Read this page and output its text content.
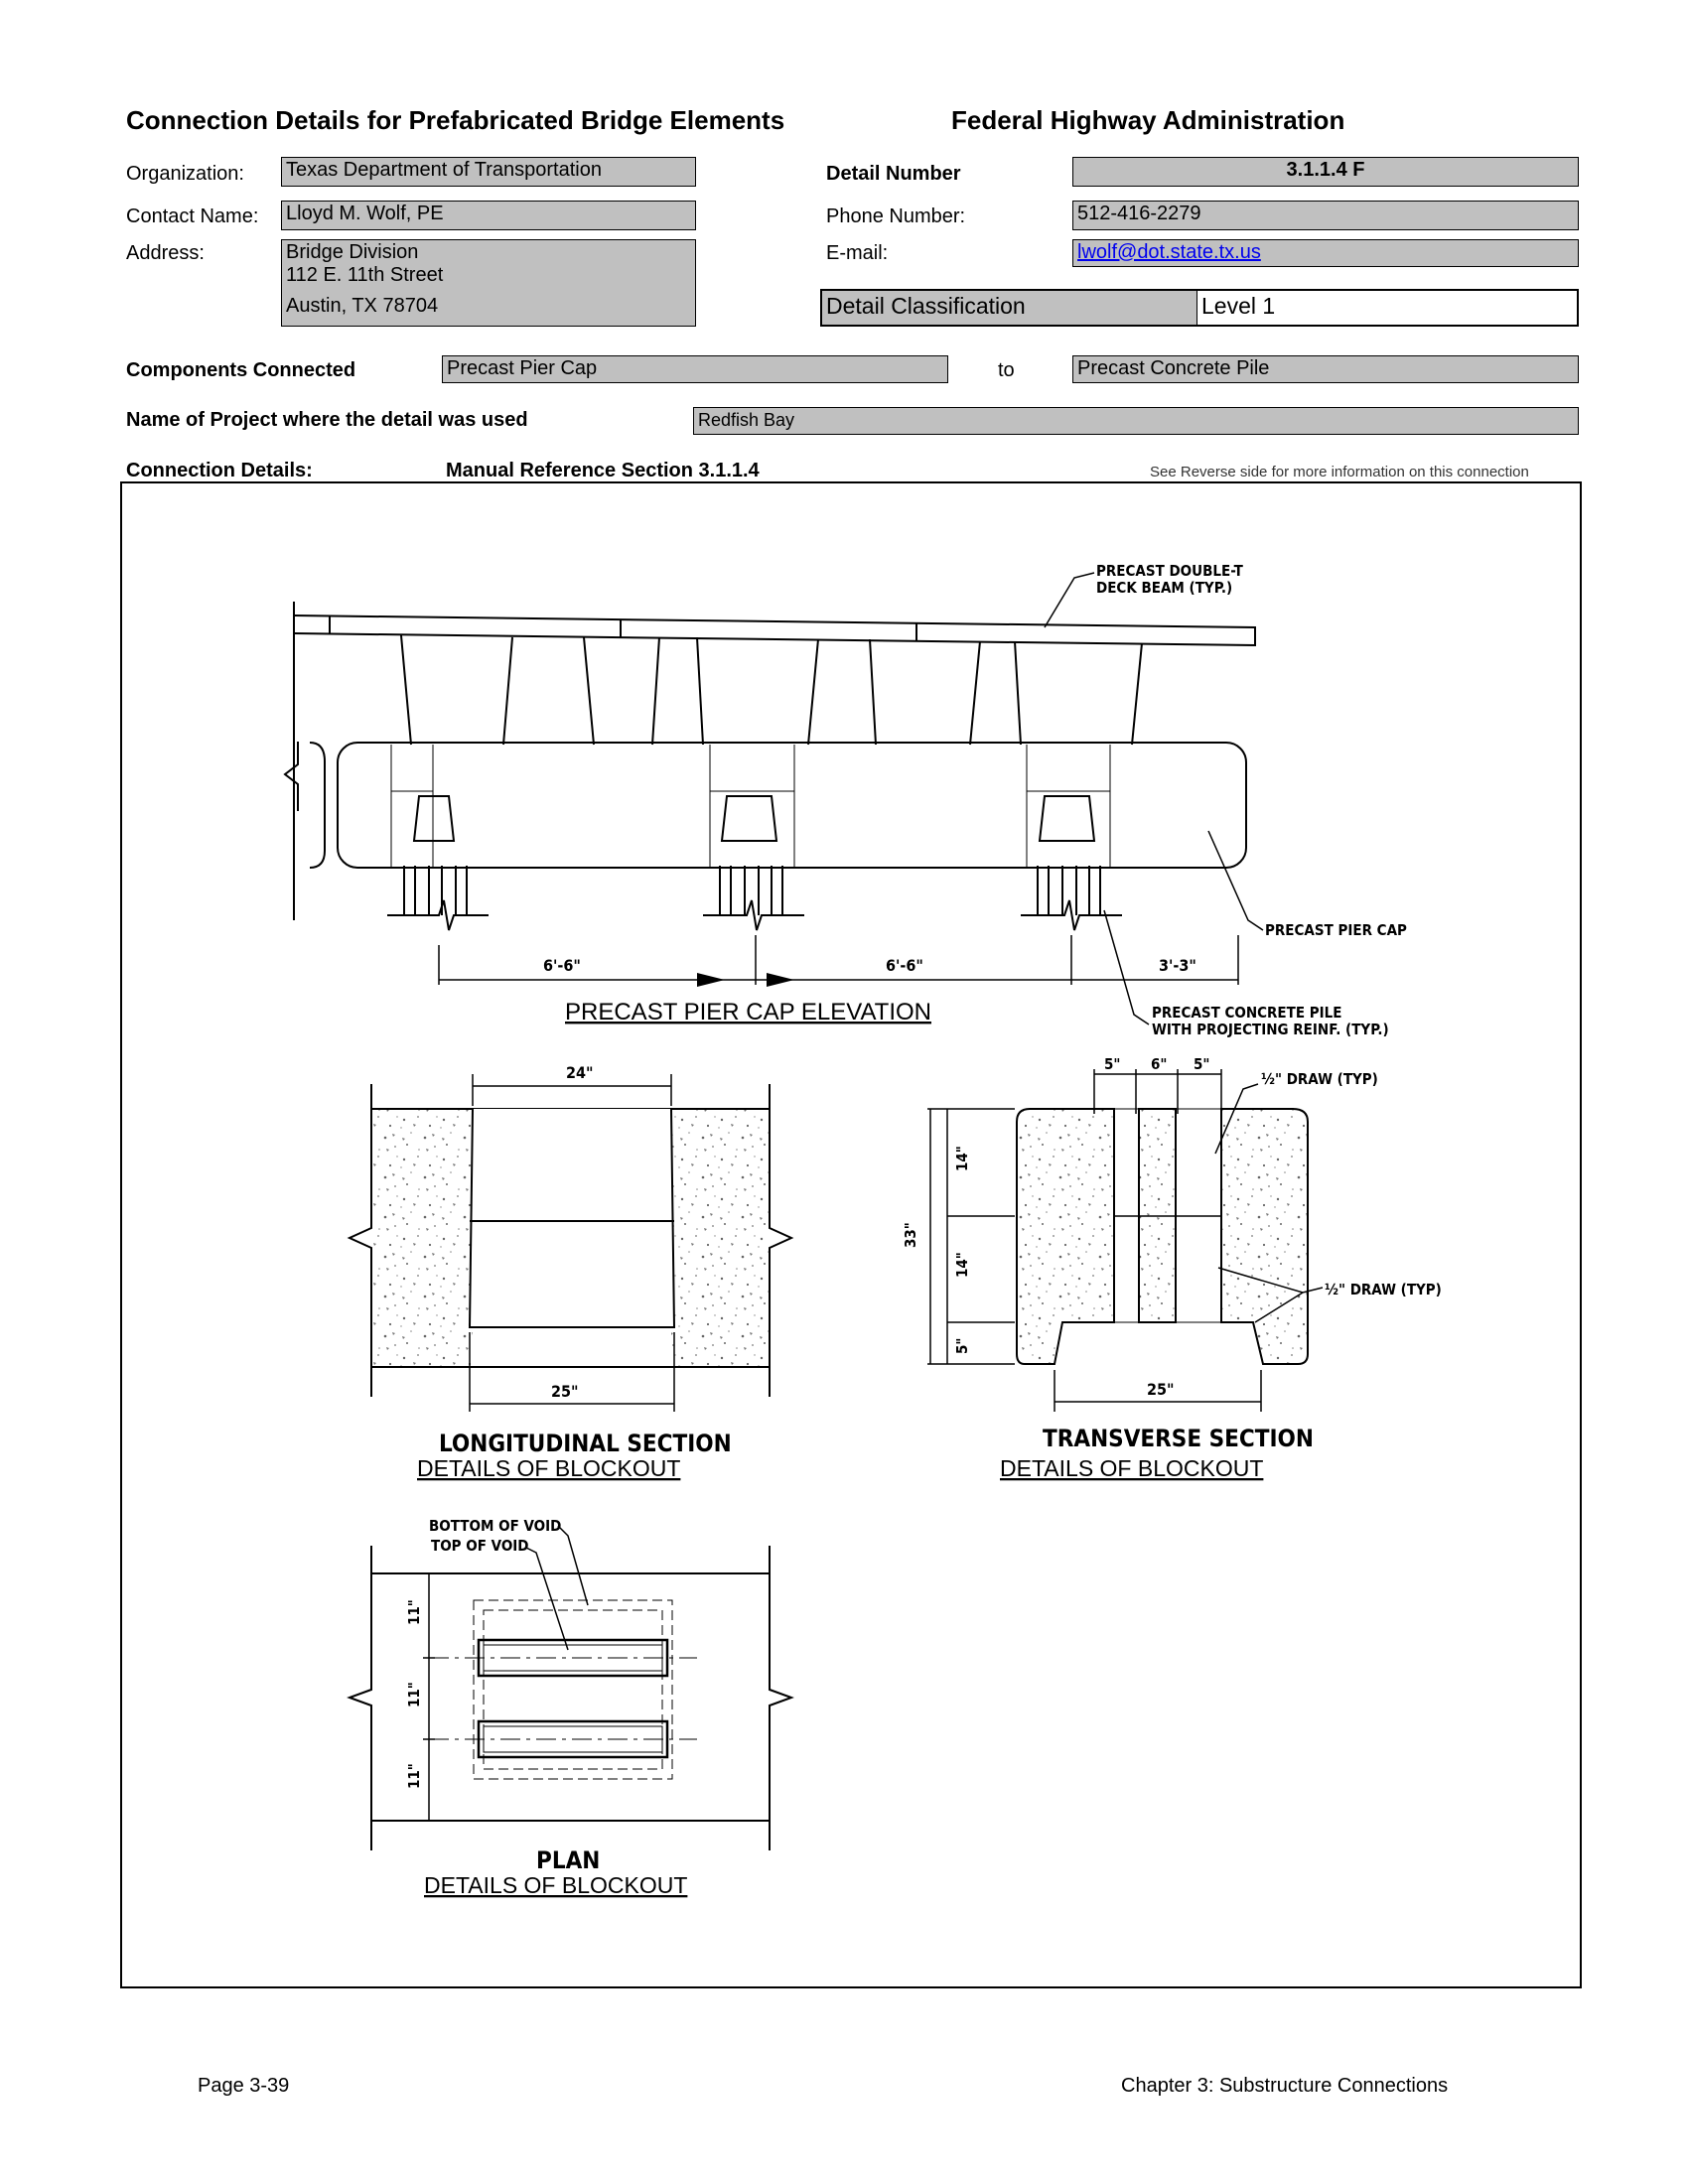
Connection Details for Prefabricated Bridge Elements	Federal Highway Administration
Organization: Texas Department of Transportation
Contact Name: Lloyd M. Wolf, PE
Address:	Bridge Division
112 E. 11th Street
Austin, TX 78704
Detail Number	3.1.1.4 F
Phone Number:	512-416-2279
E-mail:	lwolf@dot.state.tx.us
Detail Classification	Level 1
Components Connected	Precast Pier Cap	to	Precast Concrete Pile
Name of Project where the detail was used	Redfish Bay
Connection Details:	Manual Reference Section 3.1.1.4	See Reverse side for more information on this connection
PRECAST DOUBLE-T
DECK BEAM (TYP.)
PRECAST PIER CAP
PRECAST CONCRETE PILE
WITH PROJECTING REINF. (TYP.)
6'-6"	6'-6"	3'-3"
PRECAST PIER CAP ELEVATION
24"
25"
LONGITUDINAL SECTION
DETAILS OF BLOCKOUT
5" 6" 5"
½" DRAW (TYP)
½" DRAW (TYP)
33"
14"
14"
5"
25"
TRANSVERSE SECTION
DETAILS OF BLOCKOUT
BOTTOM OF VOID
TOP OF VOID
11"
11"
11"
PLAN
DETAILS OF BLOCKOUT
Page 3-39	Chapter 3: Substructure Connections
